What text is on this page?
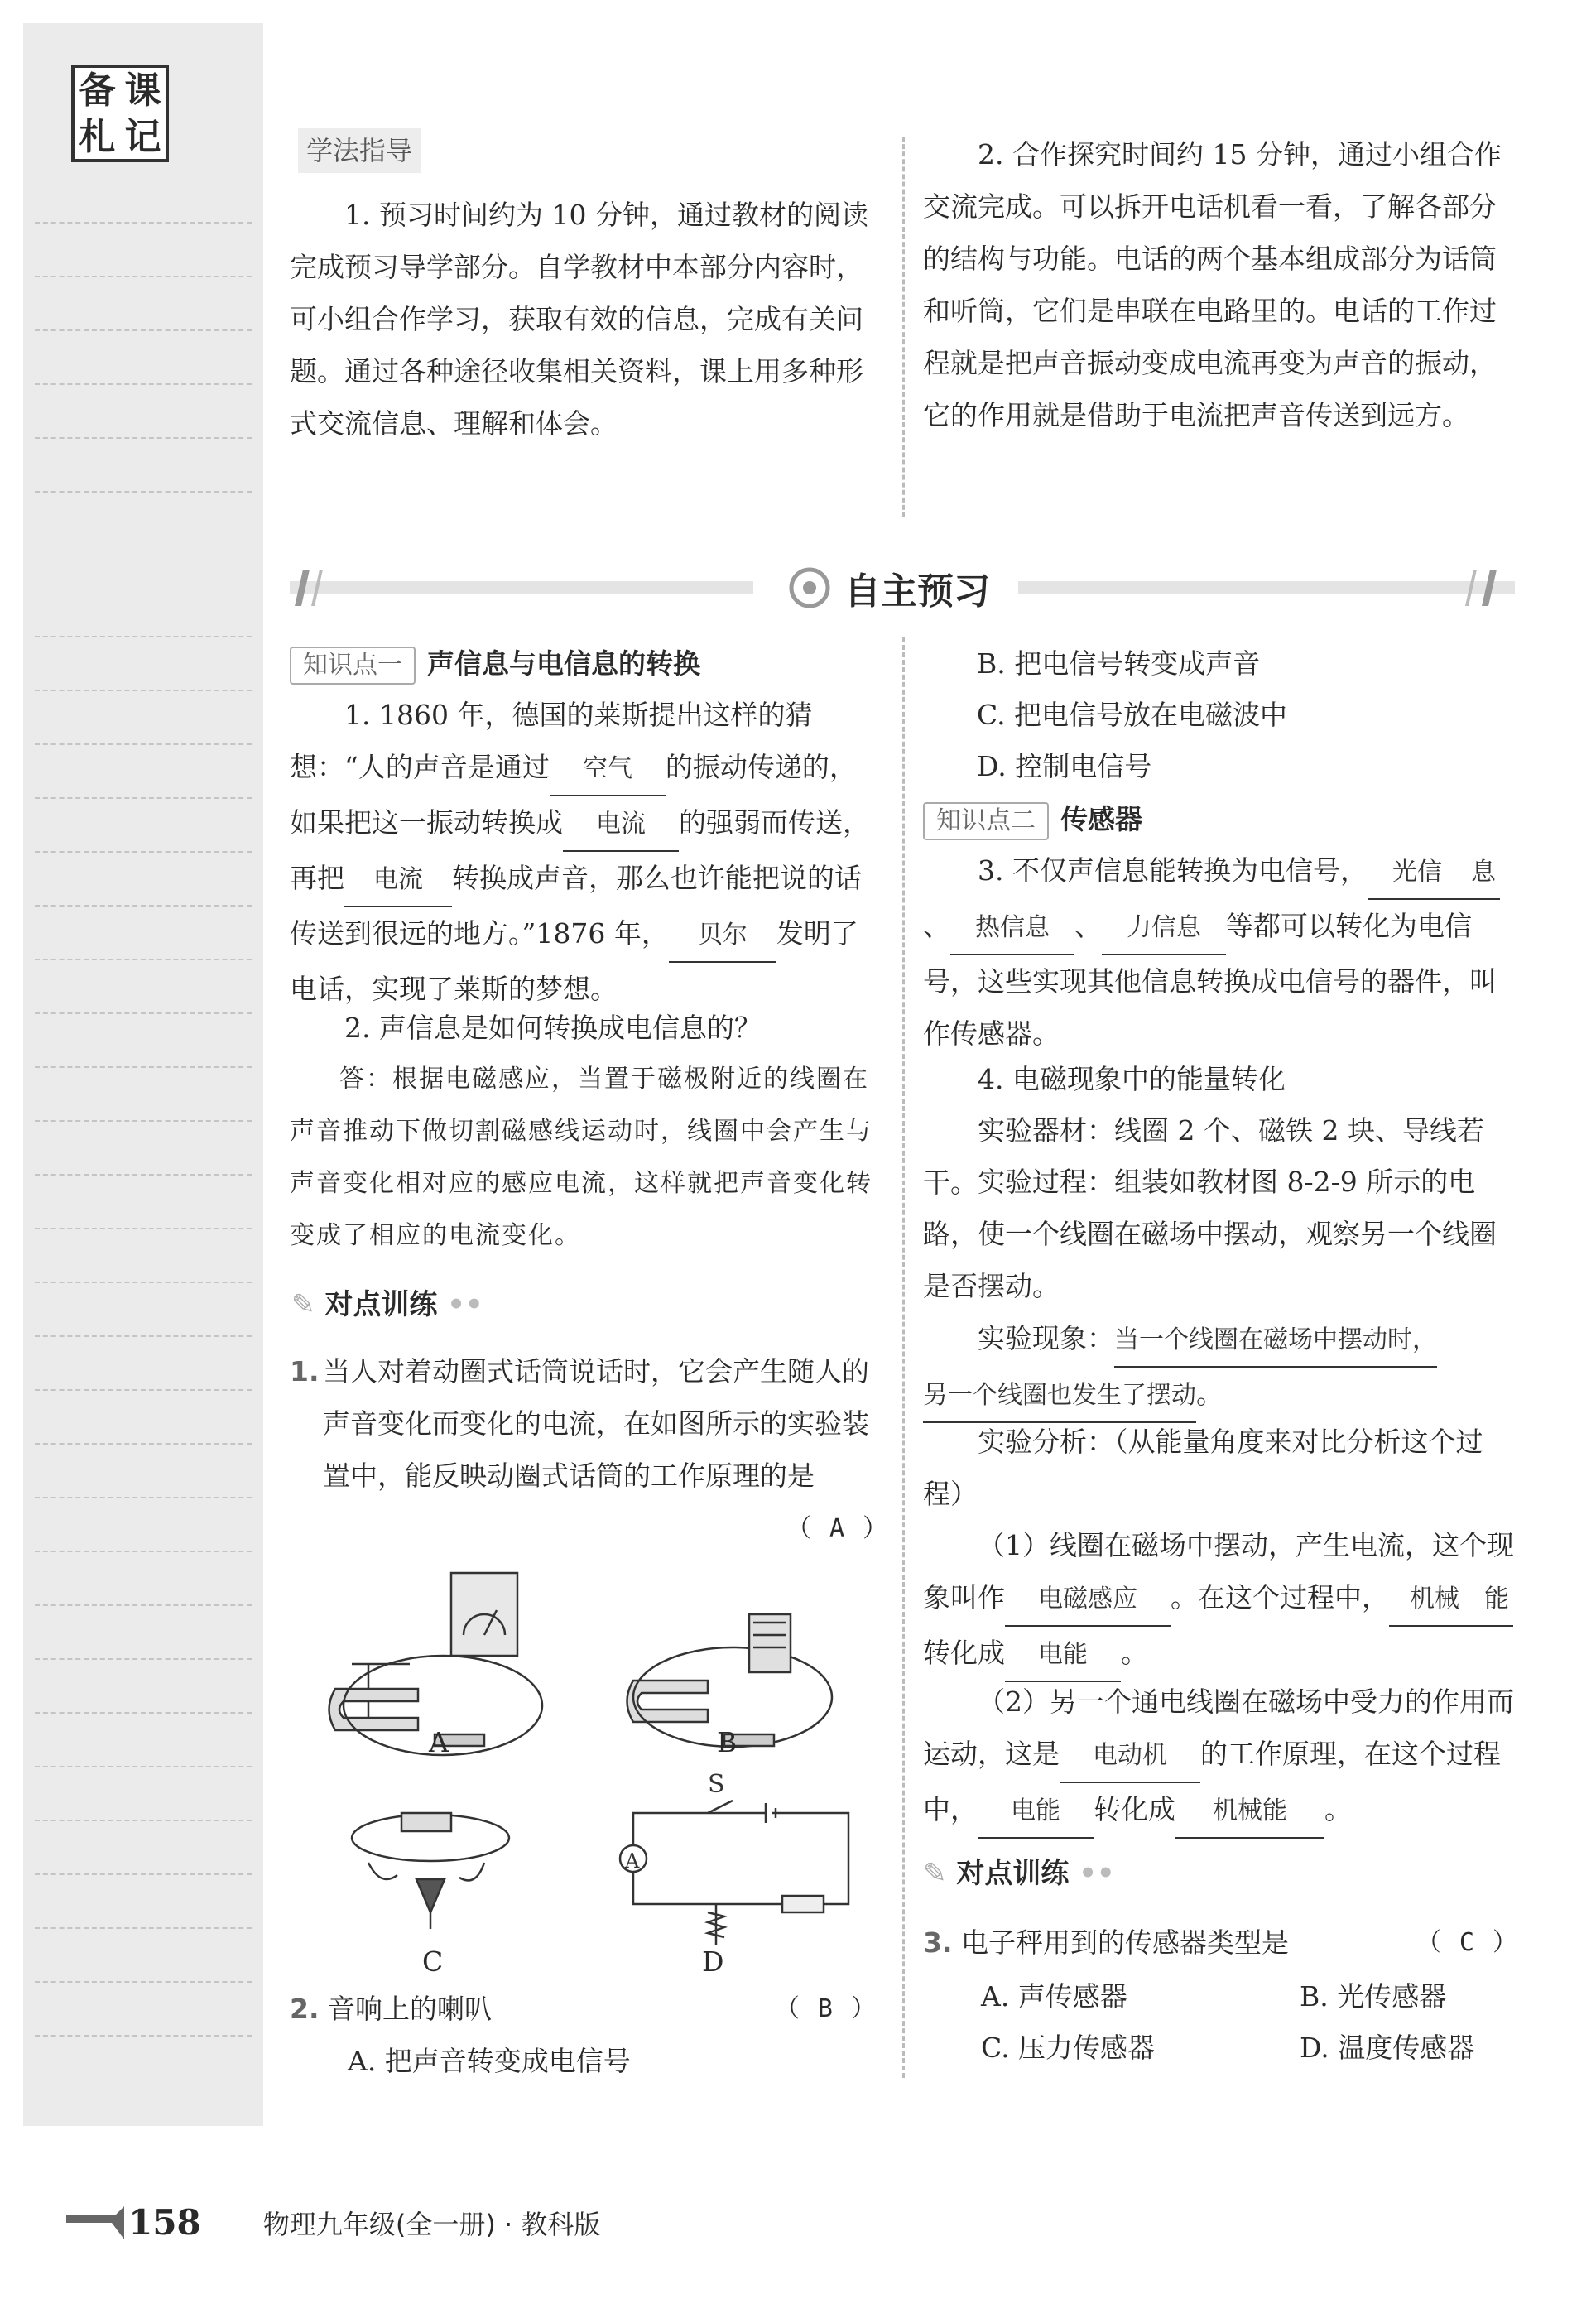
备 课
札 记	学法指导
1. 预习时间约为 10 分钟，通过教材的阅读完成预习导学部分。自学教材中本部分内容时，可小组合作学习，获取有效的信息，完成有关问题。通过各种途径收集相关资料，课上用多种形式交流信息、理解和体会。
2. 合作探究时间约 15 分钟，通过小组合作交流完成。可以拆开电话机看一看，了解各部分的结构与功能。电话的两个基本组成部分为话筒和听筒，它们是串联在电路里的。电话的工作过程就是把声音振动变成电流再变为声音的振动，它的作用就是借助于电流把声音传送到远方。
自主预习
知识点一 声信息与电信息的转换
1. 1860 年，德国的莱斯提出这样的猜想：“人的声音是通过 空气 的振动传递的，如果把这一振动转换成 电流 的强弱而传送，再把 电流 转换成声音，那么也许能把说的话传送到很远的地方。”1876 年， 贝尔 发明了电话，实现了莱斯的梦想。
2. 声信息是如何转换成电信息的？
答：根据电磁感应，当置于磁极附近的线圈在声音推动下做切割磁感线运动时，线圈中会产生与声音变化相对应的感应电流，这样就把声音变化转变成了相应的电流变化。
✎ 对点训练 ••
1. 当人对着动圈式话筒说话时，它会产生随人的声音变化而变化的电流，在如图所示的实验装置中，能反映动圈式话筒的工作原理的是
（ A ）
S
A
A	B
C	D
2. 音响上的喇叭	（ B ）
A. 把声音转变成电信号
B. 把电信号转变成声音
C. 把电信号放在电磁波中
D. 控制电信号
知识点二 传感器
3. 不仅声信息能转换为电信号， 光信 息、 热信息 、 力信息 等都可以转化为电信号，这些实现其他信息转换成电信号的器件，叫作传感器。
4. 电磁现象中的能量转化
实验器材：线圈 2 个、磁铁 2 块、导线若干。 实验过程：组装如教材图 8-2-9 所示的电路，使一个线圈在磁场中摆动，观察另一个线圈是否摆动。
实验现象：当一个线圈在磁场中摆动时，另一个线圈也发生了摆动。
实验分析：（从能量角度来对比分析这个过程）
（1）线圈在磁场中摆动，产生电流，这个现象叫作 电磁感应 。在这个过程中， 机械 能转化成 电能 。
（2）另一个通电线圈在磁场中受力的作用而运动，这是 电动机 的工作原理，在这个过程中， 电能 转化成 机械能 。
✎ 对点训练 ••
3. 电子秤用到的传感器类型是	（ C ）
A. 声传感器	B. 光传感器
C. 压力传感器	D. 温度传感器
158 物理九年级(全一册) · 教科版
